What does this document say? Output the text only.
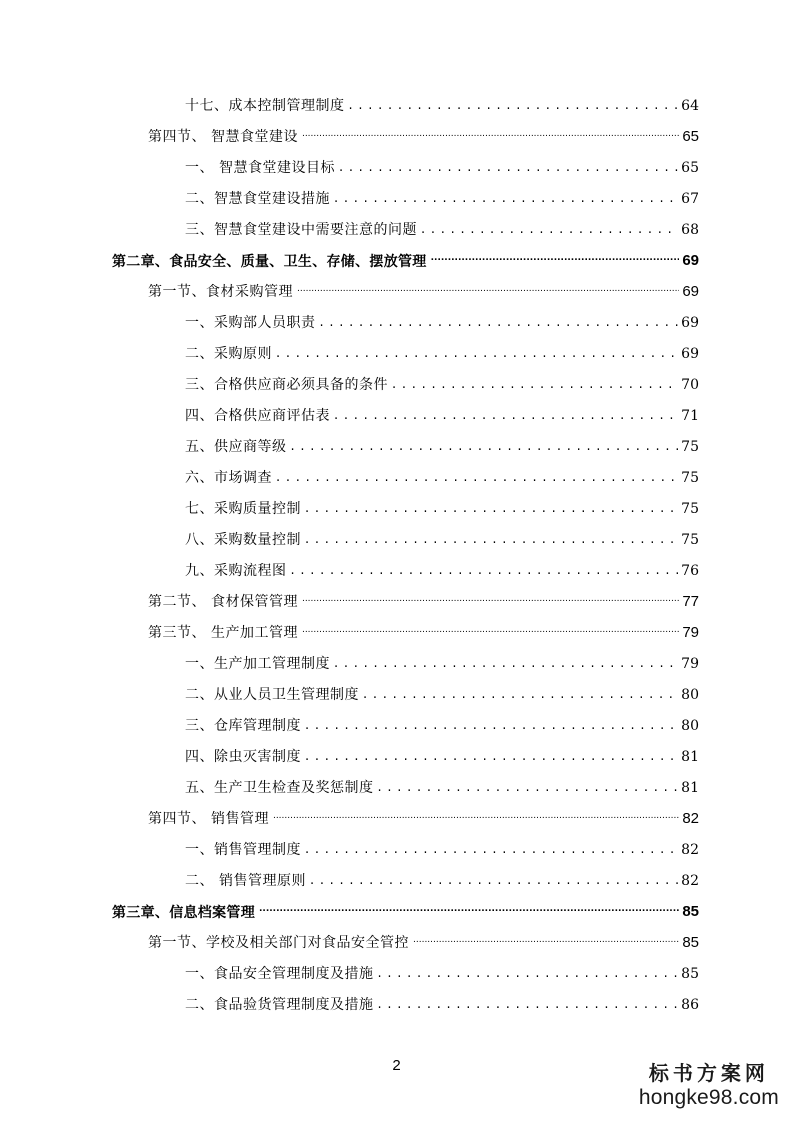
十七、成本控制管理制度 . . .	64
第四节、 智慧食堂建设 .....	65
一、 智慧食堂建设目标 . . .	65
二、智慧食堂建设措施 . . .	67
三、智慧食堂建设中需要注意的问题 . . .	68
第二章、食品安全、质量、卫生、存储、摆放管理 .....	69
第一节、食材采购管理 .....	69
一、采购部人员职责 . . .	69
二、采购原则 . . .	69
三、合格供应商必须具备的条件 . . .	70
四、合格供应商评估表 . . .	71
五、供应商等级 . . .	75
六、市场调查 . . .	75
七、采购质量控制 . . .	75
八、采购数量控制 . . .	75
九、采购流程图 . . .	76
第二节、 食材保管管理 .....	77
第三节、 生产加工管理 .....	79
一、生产加工管理制度 . . .	79
二、从业人员卫生管理制度 . . .	80
三、仓库管理制度 . . .	80
四、除虫灭害制度 . . .	81
五、生产卫生检查及奖惩制度 . . .	81
第四节、 销售管理 .....	82
一、销售管理制度 . . .	82
二、 销售管理原则 . . .	82
第三章、信息档案管理 .....	85
第一节、学校及相关部门对食品安全管控 .....	85
一、食品安全管理制度及措施 . . .	85
二、食品验货管理制度及措施 . . .	86
2	标书方案网
hongke98.com
